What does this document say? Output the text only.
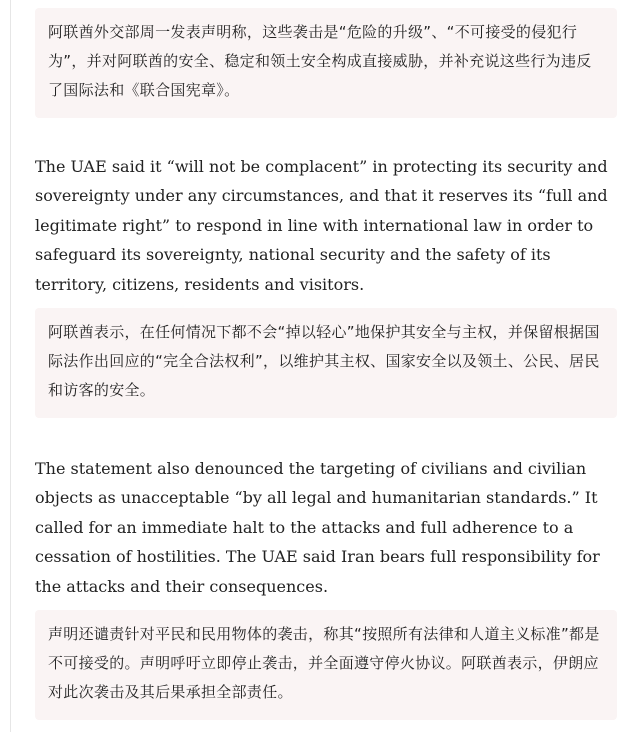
阿联酋外交部周一发表声明称，这些袭击是“危险的升级”、“不可接受的侵犯行为”，并对阿联酋的安全、稳定和领土安全构成直接威胁，并补充说这些行为违反了国际法和《联合国宪章》。

The UAE said it “will not be complacent” in protecting its security and sovereignty under any circumstances, and that it reserves its “full and legitimate right” to respond in line with international law in order to safeguard its sovereignty, national security and the safety of its territory, citizens, residents and visitors.

阿联酋表示，在任何情况下都不会“掉以轻心”地保护其安全与主权，并保留根据国际法作出回应的“完全合法权利”，以维护其主权、国家安全以及领土、公民、居民和访客的安全。

The statement also denounced the targeting of civilians and civilian objects as unacceptable “by all legal and humanitarian standards.” It called for an immediate halt to the attacks and full adherence to a cessation of hostilities. The UAE said Iran bears full responsibility for the attacks and their consequences.

声明还谴责针对平民和民用物体的袭击，称其“按照所有法律和人道主义标准”都是不可接受的。声明呼吁立即停止袭击，并全面遵守停火协议。阿联酋表示，伊朗应对此次袭击及其后果承担全部责任。
